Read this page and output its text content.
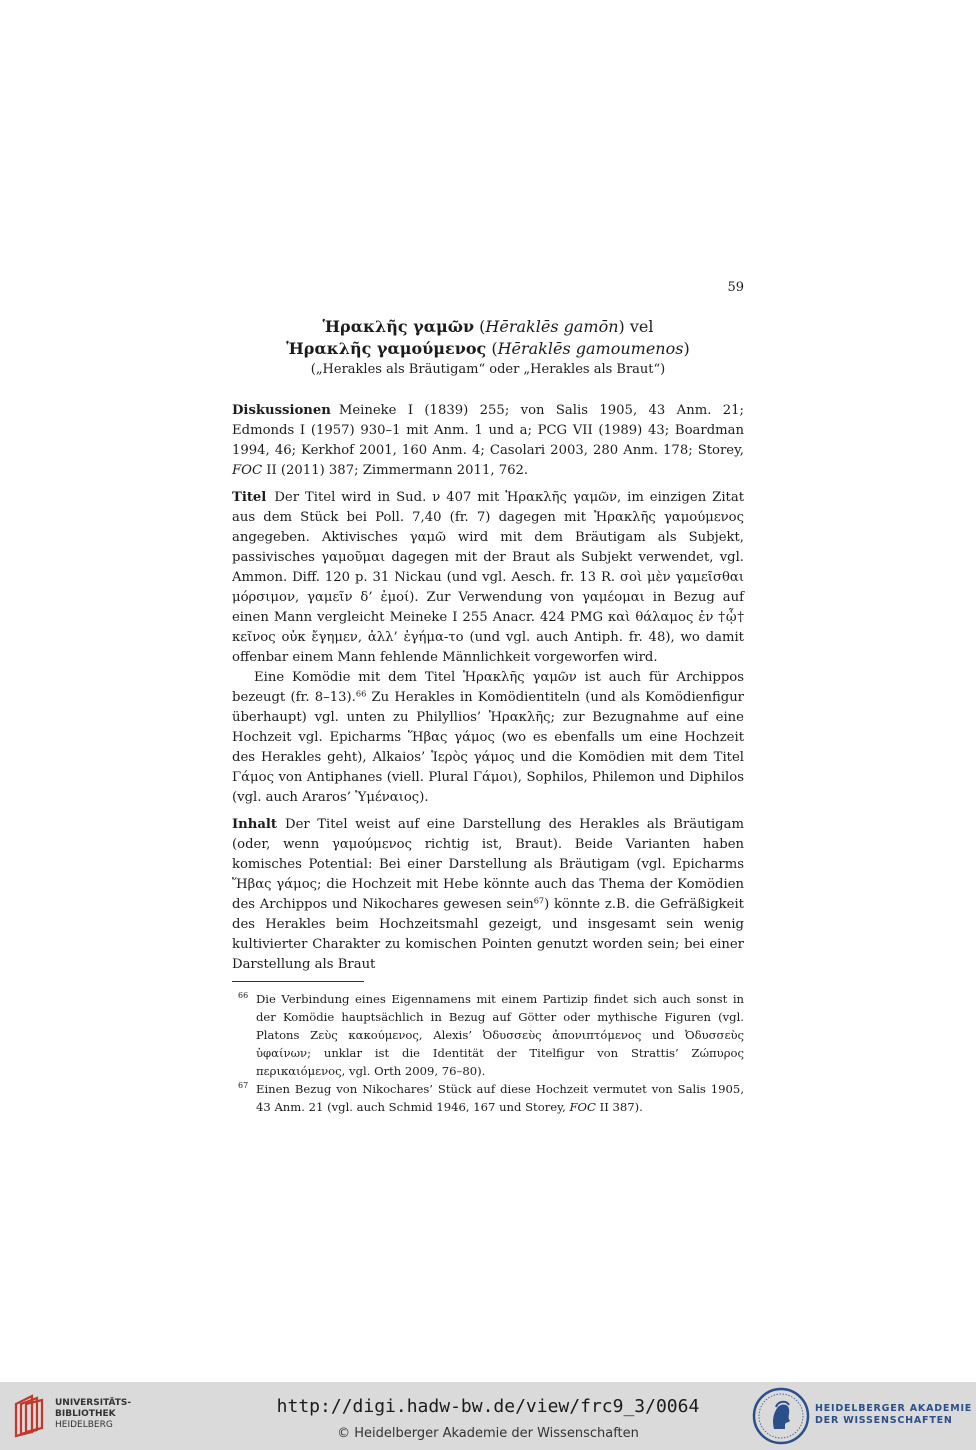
59
Ἡρακλῆς γαμῶν (Hērаklēs gamōn) vel
Ἡρακλῆς γαμούμενος (Hēraklēs gamoumenos)
(„Herakles als Bräutigam“ oder „Herakles als Braut“)

Diskussionen Meineke I (1839) 255; von Salis 1905, 43 Anm. 21; Edmonds I (1957) 930–1 mit Anm. 1 und a; PCG VII (1989) 43; Boardman 1994, 46; Kerkhof 2001, 160 Anm. 4; Casolari 2003, 280 Anm. 178; Storey, FOC II (2011) 387; Zimmermann 2011, 762.

Titel Der Titel wird in Sud. ν 407 mit Ἡρακλῆς γαμῶν, im einzigen Zitat aus dem Stück bei Poll. 7,40 (fr. 7) dagegen mit Ἡρακλῆς γαμούμενος angegeben. Aktivisches γαμῶ wird mit dem Bräutigam als Subjekt, passivisches γαμοῦμαι dagegen mit der Braut als Subjekt verwendet, vgl. Ammon. Diff. 120 p. 31 Nickau (und vgl. Aesch. fr. 13 R. σοὶ μὲν γαμεῖσθαι μόρσιμον, γαμεῖν δ’ ἐμοί). Zur Verwendung von γαμέομαι in Bezug auf einen Mann vergleicht Meineke I 255 Anacr. 424 PMG καὶ θάλαμος ἐν †ᾧ† κεῖνος οὐκ ἔγημεν, ἀλλ’ ἐγήμα-το (und vgl. auch Antiph. fr. 48), wo damit offenbar einem Mann fehlende Männlichkeit vorgeworfen wird.

Eine Komödie mit dem Titel Ἡρακλῆς γαμῶν ist auch für Archippos bezeugt (fr. 8–13).$^{66}$ Zu Herakles in Komödientiteln (und als Komödienfigur überhaupt) vgl. unten zu Philyllios’ Ἡρακλῆς; zur Bezugnahme auf eine Hochzeit vgl. Epicharms Ἥβας γάμος (wo es ebenfalls um eine Hochzeit des Herakles geht), Alkaios’ Ἱερὸς γάμος und die Komödien mit dem Titel Γάμος von Antiphanes (viell. Plural Γάμοι), Sophilos, Philemon und Diphilos (vgl. auch Araros’ Ὑμέναιος).

Inhalt Der Titel weist auf eine Darstellung des Herakles als Bräutigam (oder, wenn γαμούμενος richtig ist, Braut). Beide Varianten haben komisches Potential: Bei einer Darstellung als Bräutigam (vgl. Epicharms Ἥβας γάμος; die Hochzeit mit Hebe könnte auch das Thema der Komödien des Archippos und Nikochares gewesen sein$^{67}$) könnte z.B. die Gefräßigkeit des Herakles beim Hochzeitsmahl gezeigt, und insgesamt sein wenig kultivierter Charakter zu komischen Pointen genutzt worden sein; bei einer Darstellung als Braut

66 Die Verbindung eines Eigennamens mit einem Partizip findet sich auch sonst in der Komödie hauptsächlich in Bezug auf Götter oder mythische Figuren (vgl. Platons Ζεὺς κακούμενος, Alexis’ Ὀδυσσεὺς ἀπονιπτόμενος und Ὀδυσσεὺς ὑφαίνων; unklar ist die Identität der Titelfigur von Strattis’ Ζώπυρος περικαιόμενος, vgl. Orth 2009, 76–80).
67 Einen Bezug von Nikochares’ Stück auf diese Hochzeit vermutet von Salis 1905, 43 Anm. 21 (vgl. auch Schmid 1946, 167 und Storey, FOC II 387).
UNIVERSITÄTS-
BIBLIOTHEK
HEIDELBERG
http://digi.hadw-bw.de/view/frc9_3/0064
© Heidelberger Akademie der Wissenschaften
HEIDELBERGER AKADEMIE
DER WISSENSCHAFTEN
